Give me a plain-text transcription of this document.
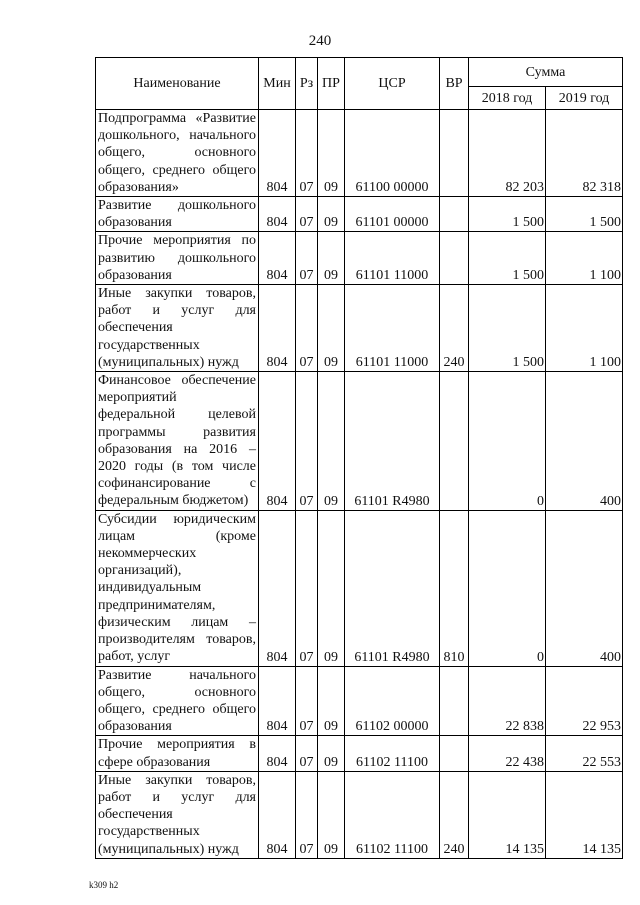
240
Наименование	Мин	Рз	ПР	ЦСР	ВР	Сумма	
						2018 год	2019 год
Подпрограмма «Развитие дошкольного, начального общего, основного общего, среднего общего образования»	804	07	09	61100 00000		82 203	82 318
Развитие дошкольного образования	804	07	09	61101 00000		1 500	1 500
Прочие мероприятия по развитию дошкольного образования	804	07	09	61101 11000		1 500	1 100
Иные закупки товаров, работ и услуг для обеспечения государственных (муниципальных) нужд	804	07	09	61101 11000	240	1 500	1 100
Финансовое обеспечение мероприятий федеральной целевой программы развития образования на 2016 – 2020 годы (в том числе софинансирование с федеральным бюджетом)	804	07	09	61101 R4980		0	400
Субсидии юридическим лицам (кроме некоммерческих организаций), индивидуальным предпринимателям, физическим лицам – производителям товаров, работ, услуг	804	07	09	61101 R4980	810	0	400
Развитие начального общего, основного общего, среднего общего образования	804	07	09	61102 00000		22 838	22 953
Прочие мероприятия в сфере образования	804	07	09	61102 11100		22 438	22 553
Иные закупки товаров, работ и услуг для обеспечения государственных (муниципальных) нужд	804	07	09	61102 11100	240	14 135	14 135
k309 h2
